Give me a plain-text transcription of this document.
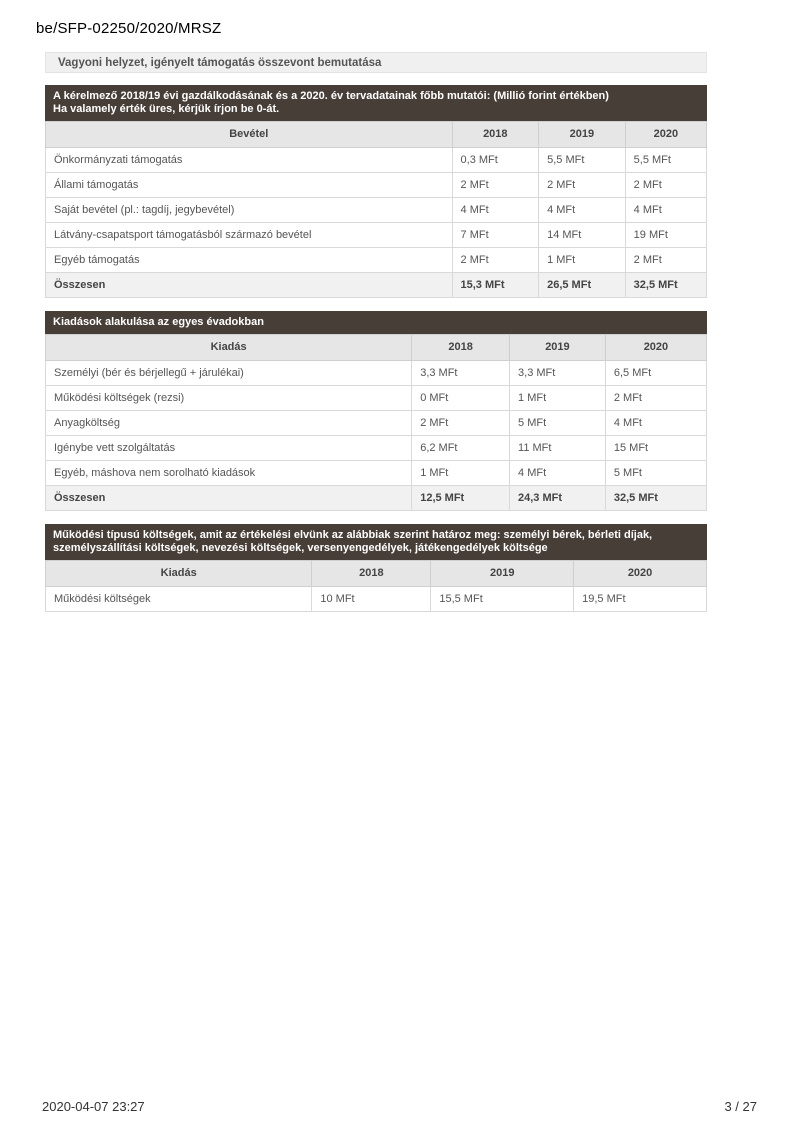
be/SFP-02250/2020/MRSZ
Vagyoni helyzet, igényelt támogatás összevont bemutatása
A kérelmező 2018/19 évi gazdálkodásának és a 2020. év tervadatainak főbb mutatói: (Millió forint értékben)
Ha valamely érték üres, kérjük írjon be 0-át.
Bevétel	2018	2019	2020
Önkormányzati támogatás	0,3 MFt	5,5 MFt	5,5 MFt
Állami támogatás	2 MFt	2 MFt	2 MFt
Saját bevétel (pl.: tagdíj, jegybevétel)	4 MFt	4 MFt	4 MFt
Látvány-csapatsport támogatásból származó bevétel	7 MFt	14 MFt	19 MFt
Egyéb támogatás	2 MFt	1 MFt	2 MFt
Összesen	15,3 MFt	26,5 MFt	32,5 MFt
Kiadások alakulása az egyes évadokban
Kiadás	2018	2019	2020
Személyi (bér és bérjellegű + járulékai)	3,3 MFt	3,3 MFt	6,5 MFt
Működési költségek (rezsi)	0 MFt	1 MFt	2 MFt
Anyagköltség	2 MFt	5 MFt	4 MFt
Igénybe vett szolgáltatás	6,2 MFt	11 MFt	15 MFt
Egyéb, máshova nem sorolható kiadások	1 MFt	4 MFt	5 MFt
Összesen	12,5 MFt	24,3 MFt	32,5 MFt
Működési típusú költségek, amit az értékelési elvünk az alábbiak szerint határoz meg: személyi bérek, bérleti díjak, személyszállítási költségek, nevezési költségek, versenyengedélyek, játékengedélyek költsége
Kiadás	2018	2019	2020
Működési költségek	10 MFt	15,5 MFt	19,5 MFt
2020-04-07 23:27	3 / 27
